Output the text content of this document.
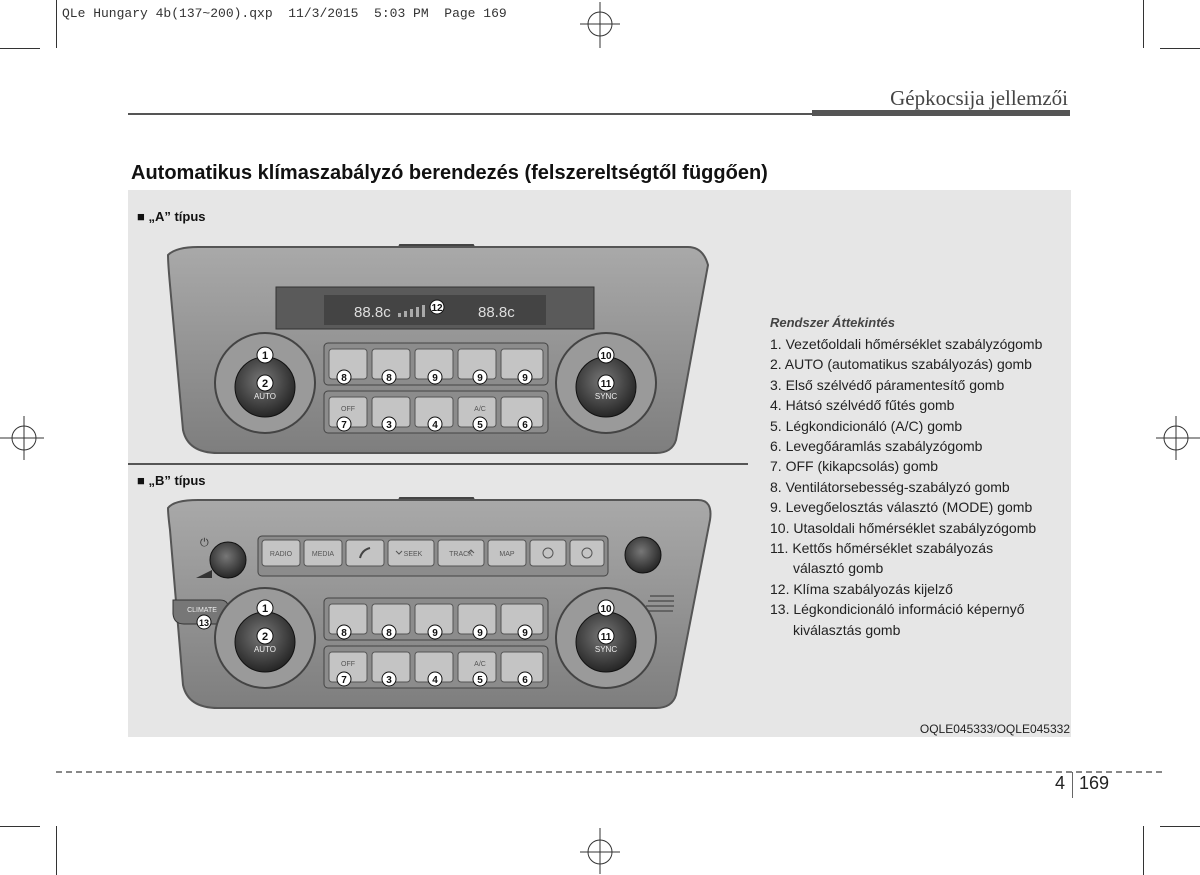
QLe Hungary 4b(137~200).qxp  11/3/2015  5:03 PM  Page 169
Gépkocsija jellemzői
Automatikus klímaszabályzó berendezés (felszereltségtől függően)
■ „A” típus
■ „B” típus
88.8c	88.8c
12
1
2
AUTO
10
11
SYNC
8	8	9	9	9
OFF	A/C
7	3	4	5	6
RADIO	MEDIA	SEEK	TRACK	MAP
⏻
CLIMATE
13
1
2
AUTO
10
11
SYNC
8	8	9	9	9
OFF	A/C
7	3	4	5	6
Rendszer Áttekintés
1. Vezetőoldali hőmérséklet szabályzógomb
2. AUTO (automatikus szabályozás) gomb
3. Első szélvédő páramentesítő gomb
4. Hátsó szélvédő fűtés gomb
5. Légkondicionáló (A/C) gomb
6. Levegőáramlás szabályzógomb
7. OFF (kikapcsolás) gomb
8. Ventilátorsebesség-szabályzó gomb
9. Levegőelosztás választó (MODE) gomb
10. Utasoldali hőmérséklet szabályzógomb
11. Kettős hőmérséklet szabályozás
választó gomb
12. Klíma szabályozás kijelző
13. Légkondicionáló információ képernyő
kiválasztás gomb
OQLE045333/OQLE045332
4 169
